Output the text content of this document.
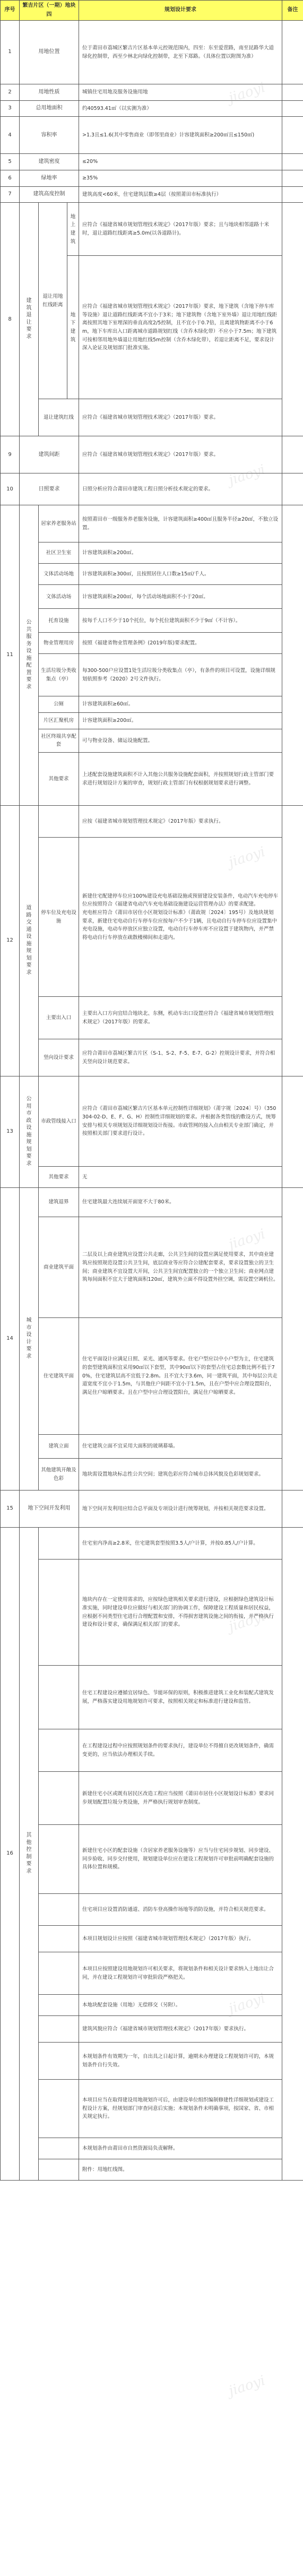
序号	繁吉片区（一期）地块四			规划设计要求	备注
1	用地位置			位于莆田市荔城区繁吉片区基本单元控规范围内，四至：东至爱萱路，南至昆路华大道绿化控制带，西至少林北向绿化控制带，北至下郑路。（具体位置以附图为准）	
2	用地性质			城镇住宅用地及服务设施用地	
3	总用地面积			约40593.41㎡（以实测为准）	
4	容积率			>1.3且≤1.6(其中零售商业（即邻里商业）计容建筑面积≥200㎡且≤150㎡)	
5	建筑密度			≤20%	
6	绿地率			≥35%	
7	建筑高度控制			建筑高度<60米，住宅建筑层数≥4层（按照莆田市标准执行）	
8	建筑退让要求	退让用地红线距离	地上建筑	应符合《福建省城市规划管理技术规定》（2017年版）要求；且与地块相邻道路十米时，退让道路红线距离≥5.0m(以各道路计)。	
			地下建筑	应符合《福建省城市规划管理技术规定》（2017年版）要求，地下建筑（含地下停车库等设施）退让道路红线距离不宜小于3米；地下建筑物（含地下室外墙）退让用地红线距离按照其地下室埋深的垂直高度2/5控制，且不宜小于0.7倍，且离建筑物距离不小于6m，地下车库出入口距离城市道路规划红线（含乔木绿化带）不应小于7.5m；地下建筑可按相邻用地外墙退让用地红线5m控制（含乔木绿化带），若退让距离不足，要求设计深入论证及规划部门批准实施。	
		退让建筑红线		应符合《福建省城市规划管理技术规定》（2017年版）要求。	
9	建筑间距			应符合《福建省城市规划管理技术规定》（2017年版）要求。	
10	日照要求			日照分析应符合莆田市建筑工程日照分析技术规定的要求。	
11	公共服务设施配置要求	居家养老服务站		按照莆田市一级服务养老服务设施，计容建筑面积≥400㎡且服务半径≥20㎡，不独立设置。	
		社区卫生室		计容建筑面积≥200㎡。	
		文体活动场地		计容建筑面积≥300㎡，且按照居住人口数≥15㎡/千人。	
		文体活动场		计容建筑面积≥200㎡，每个活动场地面积不小于20㎡。	
		托育设施		按每千人口不少于10个托位，每个托位建筑面积不少于9㎡（不计容）。	
		物业管理用房		按照《福建省物业管理条例》(2019年版)要求配置。	
		生活垃圾分类收集点（亭）		每300-500户应设置1处生活垃圾分类收集点（亭），有条件的项目可设置，设施详细规划依照参考《2020》2号文件执行。	
		公厕		计容建筑面积≥60㎡。	
		片区汇聚机房		计容建筑面积≥200㎡。	
		社区终端共享配套		可与物业设备、储运设施配置。	
		其他要求		上述配套设施建筑面积不计入其他公共服务设施配套面积，并按照规划行政主管部门要求进行规划设计方案的审查，规划行政主管部门有权根据规划要求进行调整。	
12	道路交通设施规划要求			应按《福建省城市规划管理技术规定》（2017年版）要求执行。	
		停车位及充电设施		新建住宅配建停车位应100%建设充电基础设施或预留建设安装条件，电动汽车充电停车位应按照符合《福建省电动汽车充电基础设施建设运营管理办法》的要求配建。
充电桩应符合《莆田市居住小区规划设计标准》（莆政规〔2024〕195号）及地块规划要求，新建住宅电动自行车停车位应按每户不少于1辆，且电动自行车停车位应设置集中充电设施，电动车停放区应独立设置，电动自行车停车库不应设置于建筑物内，并严禁将电动自行车停放在疏散楼梯间和走道内。	
		主要出入口		主要出入口方向宜结合地块北、东侧，机动车出口设置应符合《福建省城市规划管理技术规定》（2017年版）的要求。	
		竖向设计要求		应符合莆田市荔城区繁吉片区（S-1、S-2、F-5、E-7、G-2）控规设计要求，并符合相关竖向设计规范要求。	
13	公用市政设施规划要求	市政管线接入口		应符合《莆田市荔城区繁吉片区基本单元控制性详细规划》（莆字规〔2024〕号）（350304-02-D、E、F、G、H）控制性详细规划的要求。并根据各类管线的敷设方式，统筹安排与相关专项规划及详细规划设计衔接。市政管网的接入点由相关专业部门确定，并按照相关部门要求进行设计。	
		其他要求		无	
14	城市设计要求	建筑退界		住宅建筑最大连续展开面宽不大于80米。	
		商业建筑平面		二层及以上商业建筑应设置公共走廊，公共卫生间的设置应满足使用要求，其中商业建筑应按照规范设置公共卫生间，底层商业等应符合公建配套要求，要求设置独立的卫生间；商业建筑不宜设置大开间，公共卫生间宜配置独立的一个独立卫生间；商业网点建筑每间面积不宜大于建筑面积120㎡，建筑外立面不得设置外挂空调，需设置空调机位。	
		住宅建筑平面		住宅平面设计应满足日照、采光、通风等要求。住宅户型应以中小户型为主，住宅建筑的套型建筑面积宜采用90㎡以下套型，其中90㎡以下的套型占住宅总套数比例不低于70%，住宅建筑层高不宜低于2.8m。且不宜大于3.6m，同一建筑平面，其中每层公共走道宽度不宜小于1.5m，与其他住户间距不宜小于1.5m，且在户型中应合理设置阳台，满足住户晾晒要求。且在户型中应合理设置阳台，满足住户晾晒要求。	
		建筑立面		住宅建筑立面不宜采用大面积的玻璃幕墙。	
		其他建筑开敞及色彩		地块需设置地块标志性公共空间；建筑色彩应符合城市总体风貌及色彩规划要求。	
15	地下空间开发利用			地下空间开发利用应结合总平面及专项设计进行统筹规划，并按相关规范要求设置。	
16	其他控制要求			住宅室内净高≥2.8米，住宅建筑套型按照3.5人/户计算，并按0.85人/户计算。	
				地块内存在一定使用需求的，应按绿色建筑相关要求进行建设，应根据绿色建筑设计标准实施，同时建设单位应做好与相关部门的协调工作，保障建设工程质量和居民权益，应根据不同类型住宅进行合理配置和安排，不得损害建筑设施之间的衔接，并严格执行建设和设计要求，确保满足相关部门的要求。	
				住宅工程建设应遵循宜居绿色、节能环保的原则，积极推进建筑工业化和装配式建筑发展，严格落实建设用地规划许可要求，按照相关规定和标准进行建设和监管。	
				在工程建设过程中应按照规划条件的要求执行，建设单位不得擅自更改规划条件，确需变更的，应当依法办理相关手续。	
				新建住宅小区或既有居民区改造工程应当按照《莆田市居住小区规划设计标准》要求同步规划配置垃圾分类设施，并严格执行规划审查制度。	
				新建住宅小区的配套设施（含居家养老服务设施等）应当与住宅同步规划、同步建设、同步验收、同步交付使用，规划建设单位应在建设工程规划许可审批前明确配套设施的具体位置和规模。	
				住宅项目应设置消防通道、消防车登高操作场地等消防设施，并符合相关规范要求。	
				本项目规划设计应按照《福建省城市规划管理技术规定》（2017年版）执行。	
				本项目应按照建设用地规划许可相关要求，将规划条件和相关设计要求纳入土地出让合同，并在建设工程规划许可审批阶段严格把关。	
				本地块配套设施（用地）无偿移交（另附）。	
				建筑风貌应符合《福建省城市规划管理技术规定》（2017年版）要求执行。	
				本规划条件有效期为一年，自出具之日起计算，逾期未办理建设工程规划许可的，本规划条件自行失效。	
				本项目应当在取得建设用地规划许可后，由建设单位组织编制修建性详细规划或建设工程设计方案，经规划部门审查同意后实施；本规划条件未明确事项，按国家、省、市相关规定执行。	
				本规划条件由莆田市自然资源局负责解释。	
				附件：用地红线图。	
jiaoyi
jiaoyi
jiaoyi
jiaoyi
jiaoyi
jiaoyi
jiaoyi
